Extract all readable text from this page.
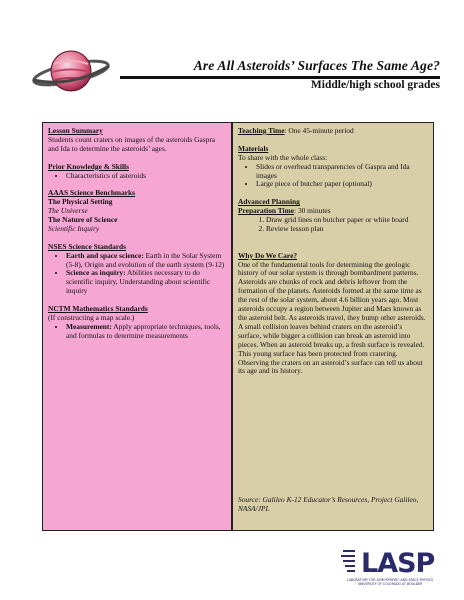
Are All Asteroids’ Surfaces The Same Age?
Middle/high school grades
Lesson Summary
Students count craters on images of the asteroids Gaspra and Ida to determine the asteroids’ ages.
Prior Knowledge & Skills
• Characteristics of asteroids
AAAS Science Benchmarks
The Physical Setting
The Universe
The Nature of Science
Scientific Inquiry
NSES Science Standards
• Earth and space science: Earth in the Solar System (5-8), Origin and evolution of the earth system (9-12)
• Science as inquiry: Abilities necessary to do scientific inquiry, Understanding about scientific inquiry
NCTM Mathematics Standards
(If constructing a map scale.)
• Measurement: Apply appropriate techniques, tools, and formulas to determine measurements
Teaching Time: One 45-minute period
Materials
To share with the whole class:
• Slides or overhead transparencies of Gaspra and Ida images
• Large piece of butcher paper (optional)
Advanced Planning
Preparation Time: 30 minutes
1. Draw grid lines on butcher paper or white board
2. Review lesson plan
Why Do We Care?
One of the fundamental tools for determining the geologic history of our solar system is through bombardment patterns. Asteroids are chunks of rock and debris leftover from the formation of the planets. Asteroids formed at the same time as the rest of the solar system, about 4.6 billion years ago. Most asteroids occupy a region between Jupiter and Mars known as the asteroid belt. As asteroids travel, they bump other asteroids. A small collision leaves behind craters on the asteroid’s surface, while bigger a collision can break an asteroid into pieces. When an asteroid breaks up, a fresh surface is revealed. This young surface has been protected from cratering. Observing the craters on an asteroid’s surface can tell us about its age and its history.
Source: Galileo K-12 Educator’s Resources, Project Galileo, NASA/JPL
LASP
LABORATORY FOR ATMOSPHERIC AND SPACE PHYSICS UNIVERSITY OF COLORADO AT BOULDER
